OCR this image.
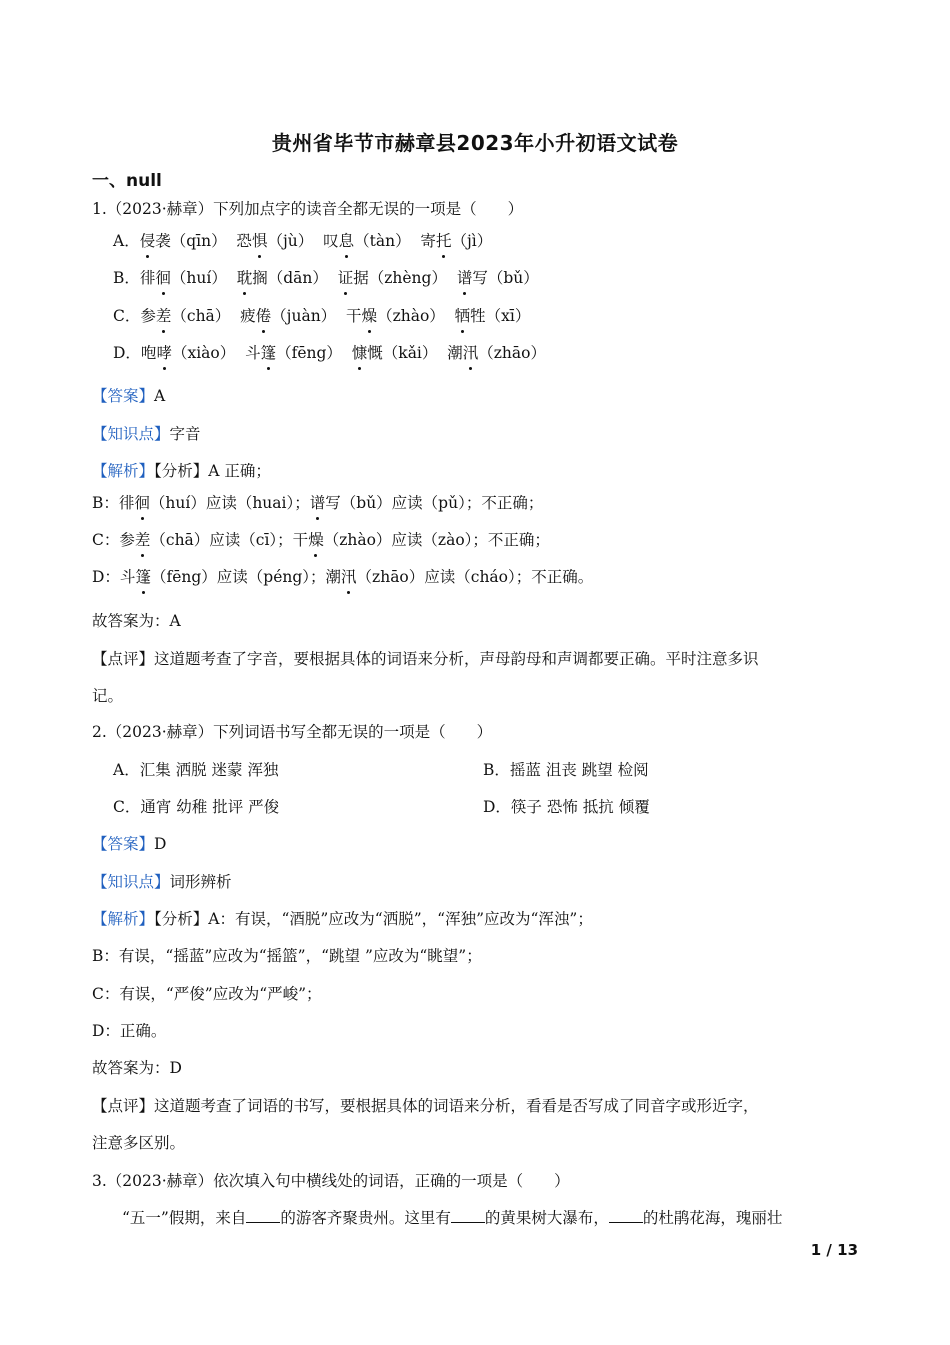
贵州省毕节市赫章县2023年小升初语文试卷
一、null
1.（2023·赫章）下列加点字的读音全都无误的一项是（　　）
A．侵袭（qīn）  恐惧（jù）  叹息（tàn）  寄托（jì）
B．徘徊（huí）  耽搁（dān）  证据（zhèng）  谱写（bǔ）
C．参差（chā）  疲倦（juàn）  干燥（zhào）  牺牲（xī）
D．咆哮（xiào）  斗篷（fēng）  慷慨（kǎi）  潮汛（zhāo）
【答案】A
【知识点】字音
【解析】【分析】A 正确；
B：徘徊（huí）应读（huai）；谱写（bǔ）应读（pǔ）；不正确；
C：参差（chā）应读（cī）；干燥（zhào）应读（zào）；不正确；
D：斗篷（fēng）应读（péng）；潮汛（zhāo）应读（cháo）；不正确。
故答案为：A
【点评】这道题考查了字音，要根据具体的词语来分析，声母韵母和声调都要正确。平时注意多识
记。
2.（2023·赫章）下列词语书写全都无误的一项是（　　）
A．汇集 洒脱 迷蒙 浑独	B．摇蓝 沮丧 跳望 检阅
C．通宵 幼稚 批评 严俊	D．筷子 恐怖 抵抗 倾覆
【答案】D
【知识点】词形辨析
【解析】【分析】A：有误，“酒脱”应改为“洒脱”，“浑独”应改为“浑浊”；
B：有误，“摇蓝”应改为“摇篮”，“跳望 ”应改为“眺望”；
C：有误，“严俊”应改为“严峻”；
D：正确。
故答案为：D
【点评】这道题考查了词语的书写，要根据具体的词语来分析，看看是否写成了同音字或形近字，
注意多区别。
3.（2023·赫章）依次填入句中横线处的词语，正确的一项是（　　）
“五一”假期，来自 的游客齐聚贵州。这里有 的黄果树大瀑布， 的杜鹃花海，瑰丽壮
1 / 13
